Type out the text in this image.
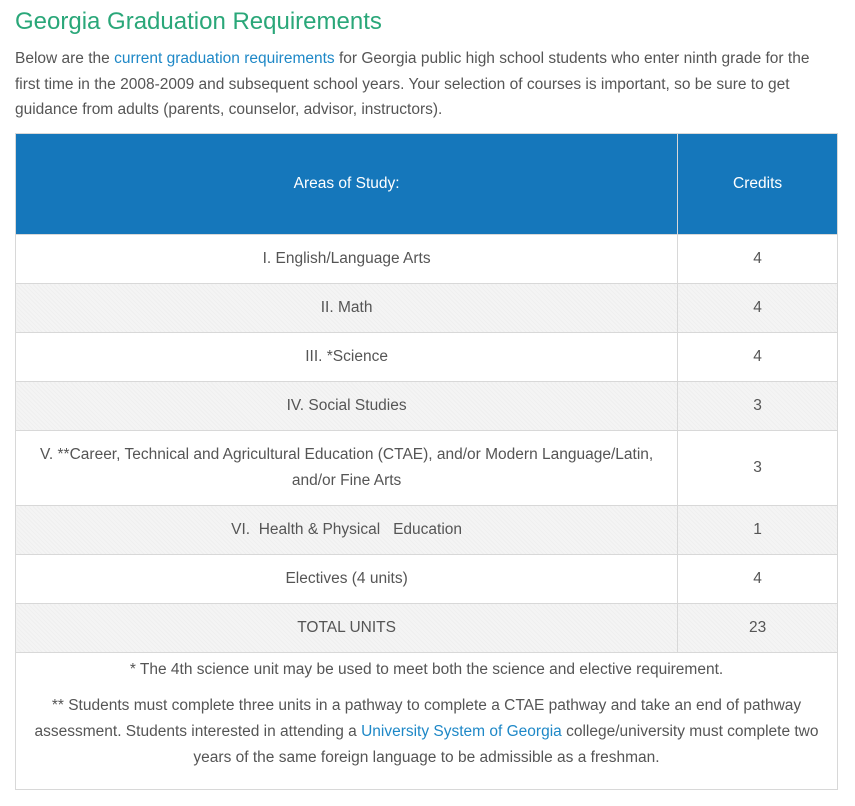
Georgia Graduation Requirements

Below are the current graduation requirements for Georgia public high school students who enter ninth grade for the first time in the 2008-2009 and subsequent school years. Your selection of courses is important, so be sure to get guidance from adults (parents, counselor, advisor, instructors).

Areas of Study:	Credits
I. English/Language Arts	4
II. Math	4
III. *Science	4
IV. Social Studies	3
V. **Career, Technical and Agricultural Education (CTAE), and/or Modern Language/Latin, and/or Fine Arts	3
VI.  Health & Physical   Education	1
Electives (4 units)	4
TOTAL UNITS	23

* The 4th science unit may be used to meet both the science and elective requirement.

** Students must complete three units in a pathway to complete a CTAE pathway and take an end of pathway assessment. Students interested in attending a University System of Georgia college/university must complete two years of the same foreign language to be admissible as a freshman.	
